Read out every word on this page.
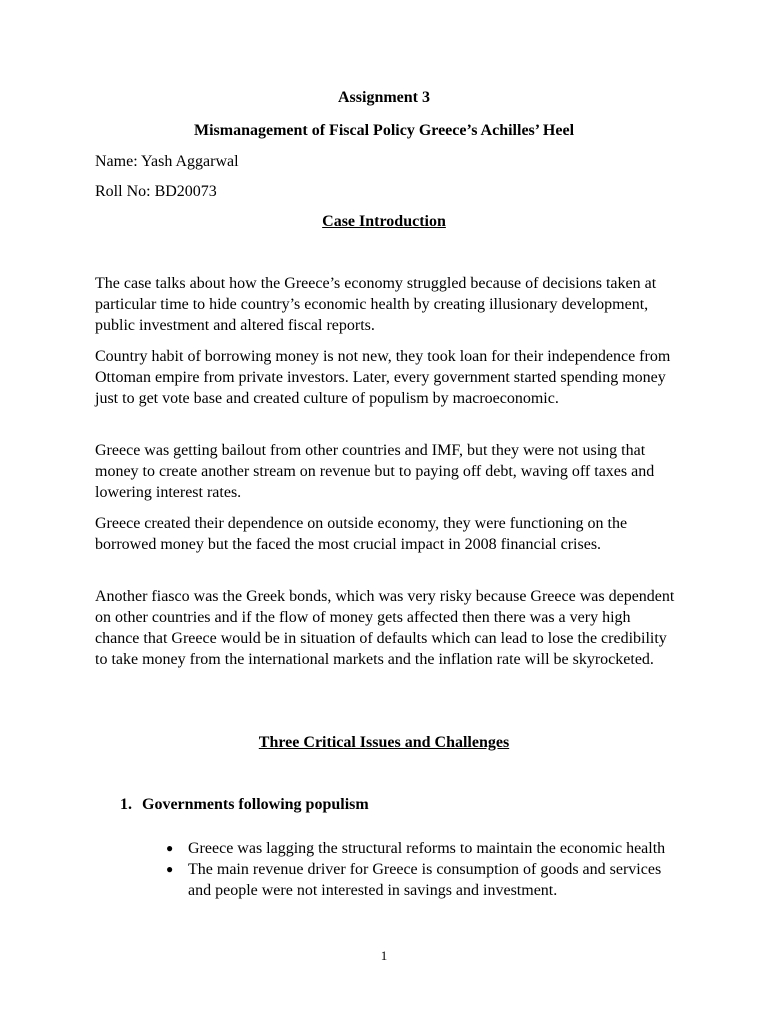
Assignment 3
Mismanagement of Fiscal Policy Greece’s Achilles’ Heel
Name: Yash Aggarwal
Roll No: BD20073
Case Introduction

The case talks about how the Greece’s economy struggled because of decisions taken at particular time to hide country’s economic health by creating illusionary development, public investment and altered fiscal reports.

Country habit of borrowing money is not new, they took loan for their independence from Ottoman empire from private investors. Later, every government started spending money just to get vote base and created culture of populism by macroeconomic.

Greece was getting bailout from other countries and IMF, but they were not using that money to create another stream on revenue but to paying off debt, waving off taxes and lowering interest rates.

Greece created their dependence on outside economy, they were functioning on the borrowed money but the faced the most crucial impact in 2008 financial crises.

Another fiasco was the Greek bonds, which was very risky because Greece was dependent on other countries and if the flow of money gets affected then there was a very high chance that Greece would be in situation of defaults which can lead to lose the credibility to take money from the international markets and the inflation rate will be skyrocketed.

Three Critical Issues and Challenges
1. Governments following populism
● Greece was lagging the structural reforms to maintain the economic health
● The main revenue driver for Greece is consumption of goods and services and people were not interested in savings and investment.
1
